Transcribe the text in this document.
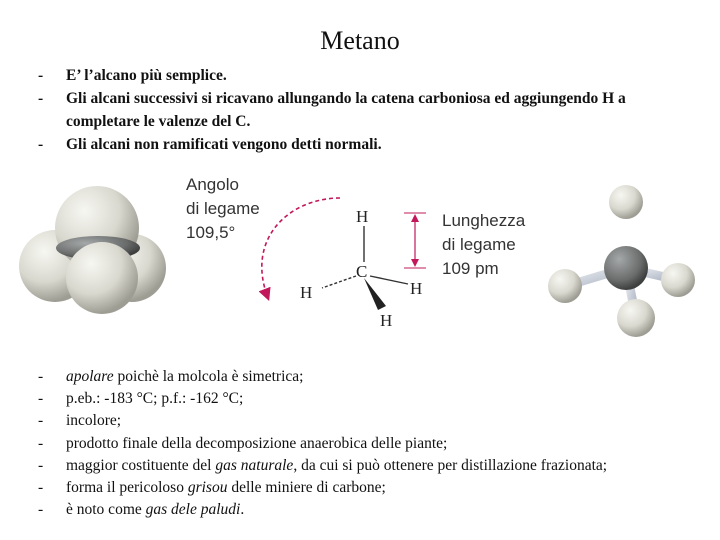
Metano
- E’ l’alcano più semplice.
- Gli alcani successivi si ricavano allungando la catena carboniosa ed aggiungendo H a completare le valenze del C.
- Gli alcani non ramificati vengono detti normali.
Angolo
di legame
109,5°
H
C
H	H
H
Lunghezza
di legame
109 pm
- apolare poichè la molcola è simetrica;
- p.eb.: -183 °C; p.f.: -162 °C;
- incolore;
- prodotto finale della decomposizione anaerobica delle piante;
- maggior costituente del gas naturale, da cui si può ottenere per distillazione frazionata;
- forma il pericoloso grisou delle miniere di carbone;
- è noto come gas dele paludi.
